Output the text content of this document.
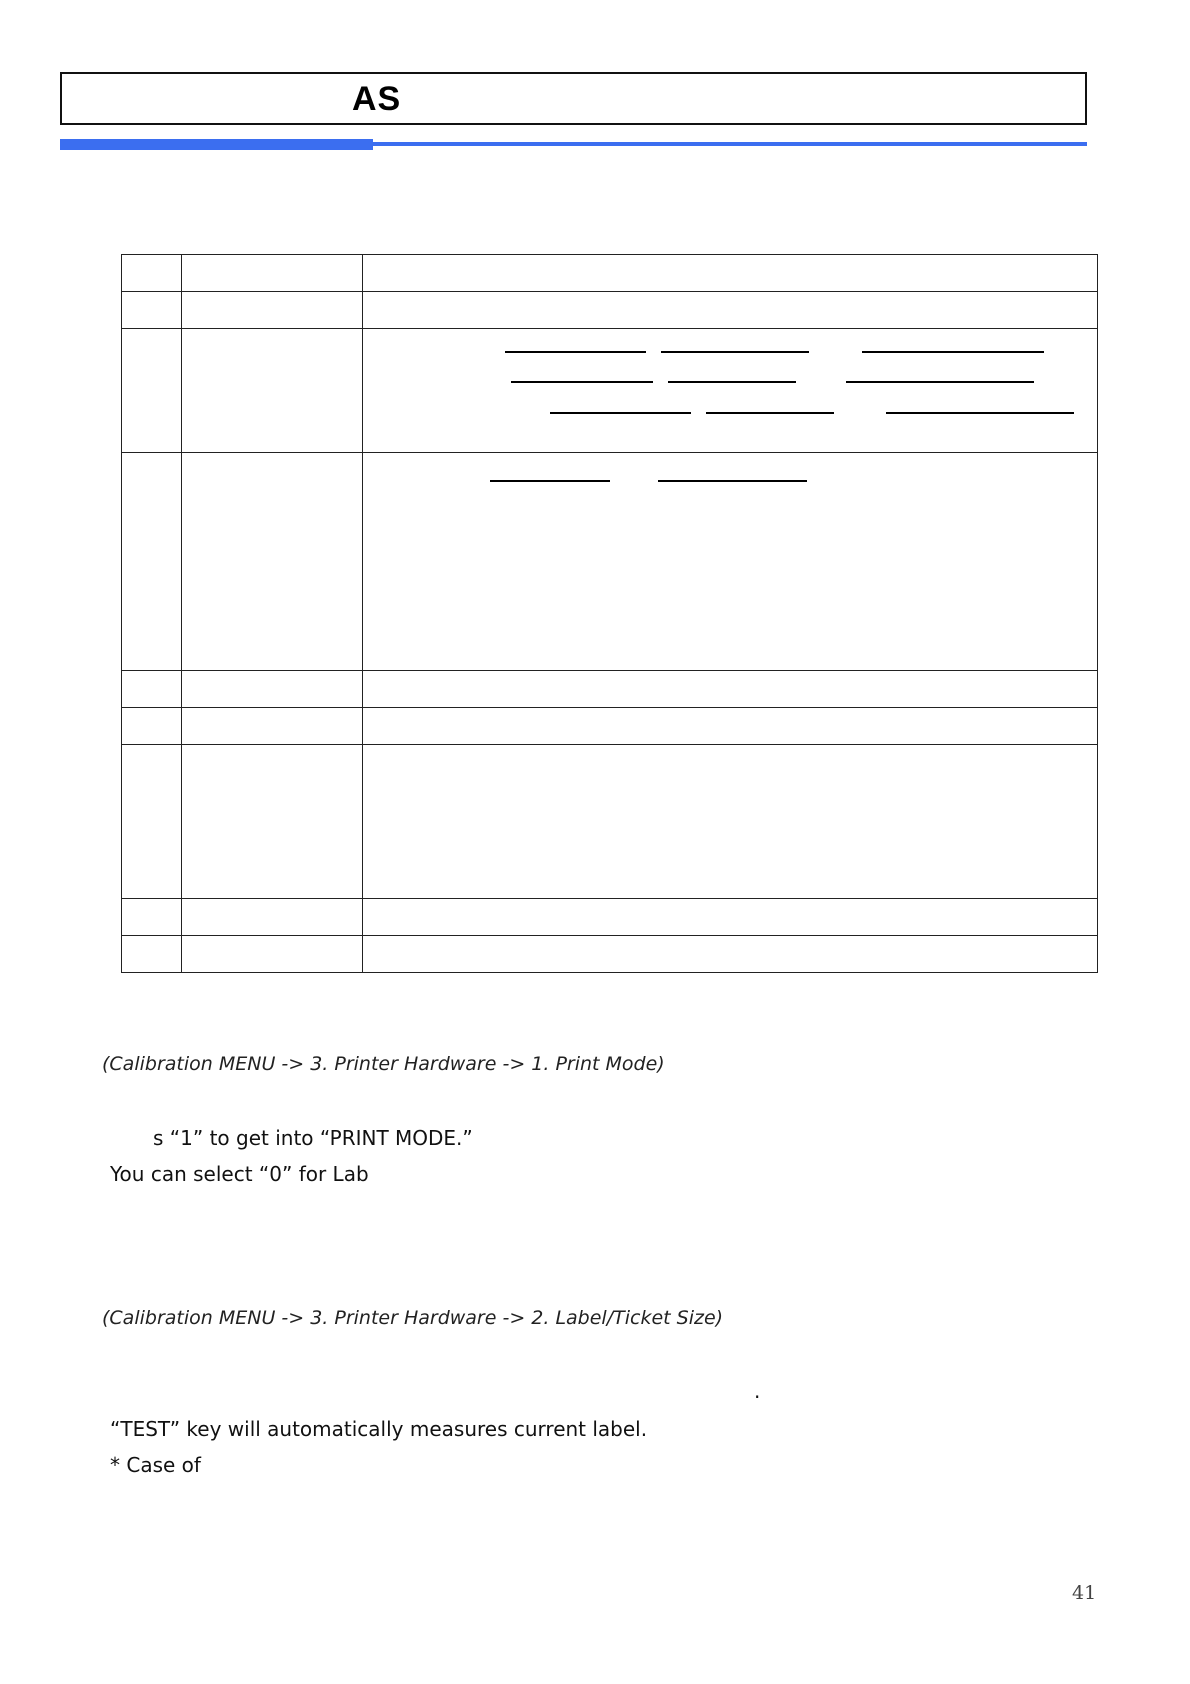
AS
(Calibration MENU -> 3. Printer Hardware -> 1. Print Mode)
s “1” to get into “PRINT MODE.”
You can select “0” for Lab
(Calibration MENU -> 3. Printer Hardware -> 2. Label/Ticket Size)
.
“TEST” key will automatically measures current label.
* Case of
41
